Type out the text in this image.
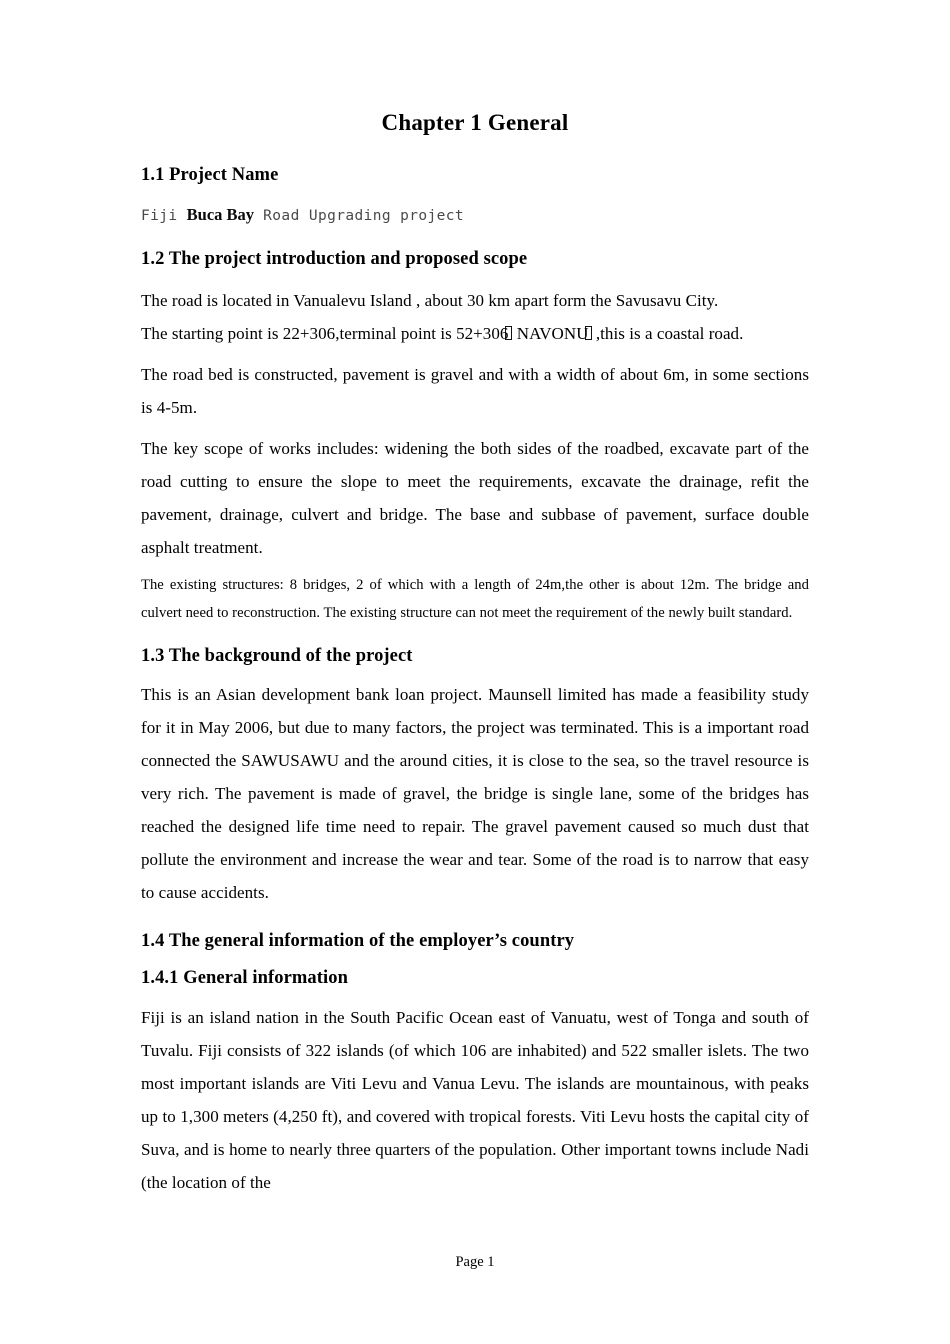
Chapter 1 General
1.1 Project Name

Fiji Buca Bay Road Upgrading project

1.2 The project introduction and proposed scope

The road is located in Vanualevu Island , about 30 km apart form the Savusavu City.

The starting point is 22+306,terminal point is 52+306 NAVONU ,this is a coastal road.

The road bed is constructed, pavement is gravel and with a width of about 6m, in some sections is 4-5m.

The key scope of works includes: widening the both sides of the roadbed, excavate part of the road cutting to ensure the slope to meet the requirements, excavate the drainage, refit the pavement, drainage, culvert and bridge. The base and subbase of pavement, surface double asphalt treatment.

The existing structures: 8 bridges, 2 of which with a length of 24m,the other is about 12m. The bridge and culvert need to reconstruction. The existing structure can not meet the requirement of the newly built standard.

1.3 The background of the project

This is an Asian development bank loan project. Maunsell limited has made a feasibility study for it in May 2006, but due to many factors, the project was terminated. This is a important road connected the SAWUSAWU and the around cities, it is close to the sea, so the travel resource is very rich. The pavement is made of gravel, the bridge is single lane, some of the bridges has reached the designed life time need to repair. The gravel pavement caused so much dust that pollute the environment and increase the wear and tear. Some of the road is to narrow that easy to cause accidents.

1.4 The general information of the employer’s country
1.4.1 General information

Fiji is an island nation in the South Pacific Ocean east of Vanuatu, west of Tonga and south of Tuvalu. Fiji consists of 322 islands (of which 106 are inhabited) and 522 smaller islets. The two most important islands are Viti Levu and Vanua Levu. The islands are mountainous, with peaks up to 1,300 meters (4,250 ft), and covered with tropical forests. Viti Levu hosts the capital city of Suva, and is home to nearly three quarters of the population. Other important towns include Nadi (the location of the

Page 1
